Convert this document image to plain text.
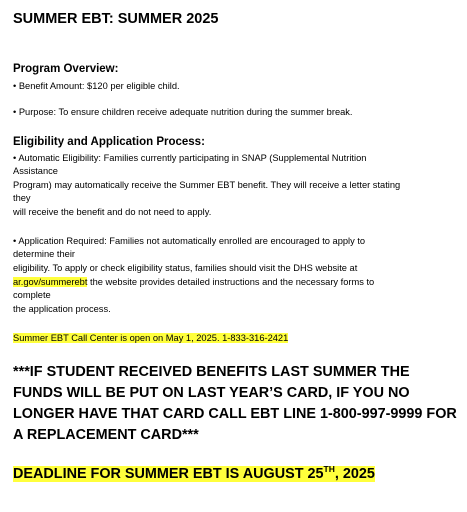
SUMMER EBT: SUMMER 2025
Program Overview:
• Benefit Amount: $120 per eligible child.
• Purpose: To ensure children receive adequate nutrition during the summer break.
Eligibility and Application Process:
• Automatic Eligibility: Families currently participating in SNAP (Supplemental Nutrition
Assistance
Program) may automatically receive the Summer EBT benefit. They will receive a letter stating
they
will receive the benefit and do not need to apply.
• Application Required: Families not automatically enrolled are encouraged to apply to
determine their
eligibility. To apply or check eligibility status, families should visit the DHS website at
ar.gov/summerebt the website provides detailed instructions and the necessary forms to
complete
the application process.
Summer EBT Call Center is open on May 1, 2025. 1-833-316-2421
***IF STUDENT RECEIVED BENEFITS LAST SUMMER THE
FUNDS WILL BE PUT ON LAST YEAR’S CARD, IF YOU NO
LONGER HAVE THAT CARD CALL EBT LINE 1-800-997-9999 FOR
A REPLACEMENT CARD***
DEADLINE FOR SUMMER EBT IS AUGUST 25TH, 2025
